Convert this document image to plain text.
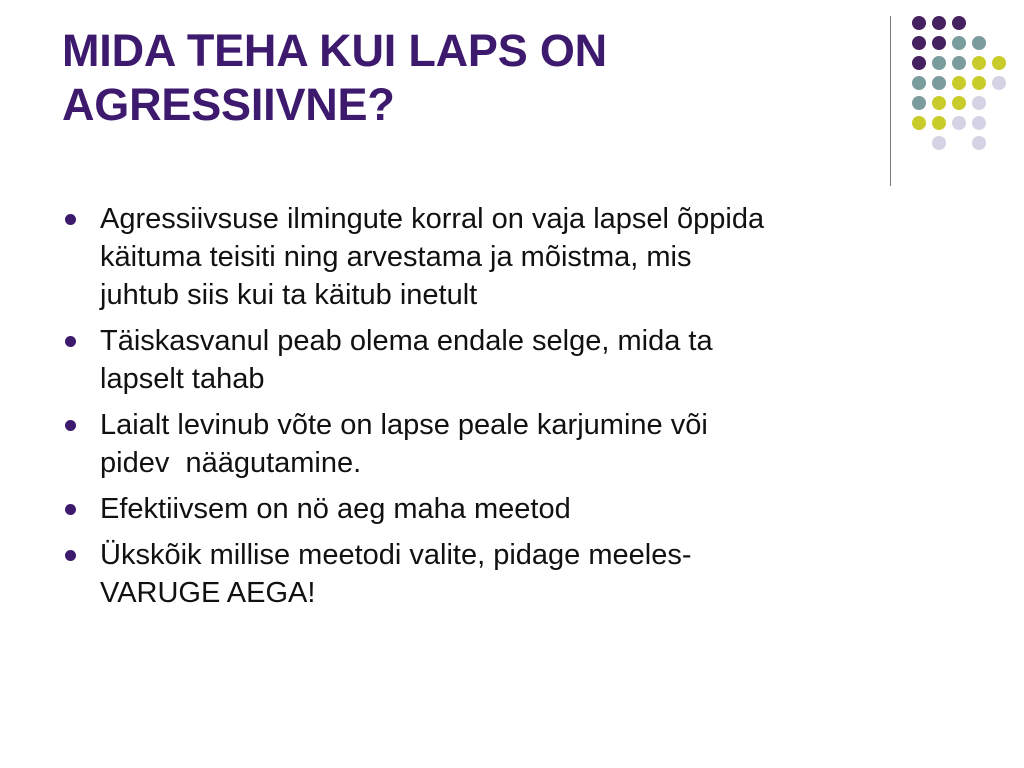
MIDA TEHA KUI LAPS ON
AGRESSIIVNE?
Agressiivsuse ilmingute korral on vaja lapsel õppida
käituma teisiti ning arvestama ja mõistma, mis
juhtub siis kui ta käitub inetult
Täiskasvanul peab olema endale selge, mida ta
lapselt tahab
Laialt levinub võte on lapse peale karjumine või
pidev  näägutamine.
Efektiivsem on nö aeg maha meetod
Ükskõik millise meetodi valite, pidage meeles-
VARUGE AEGA!
